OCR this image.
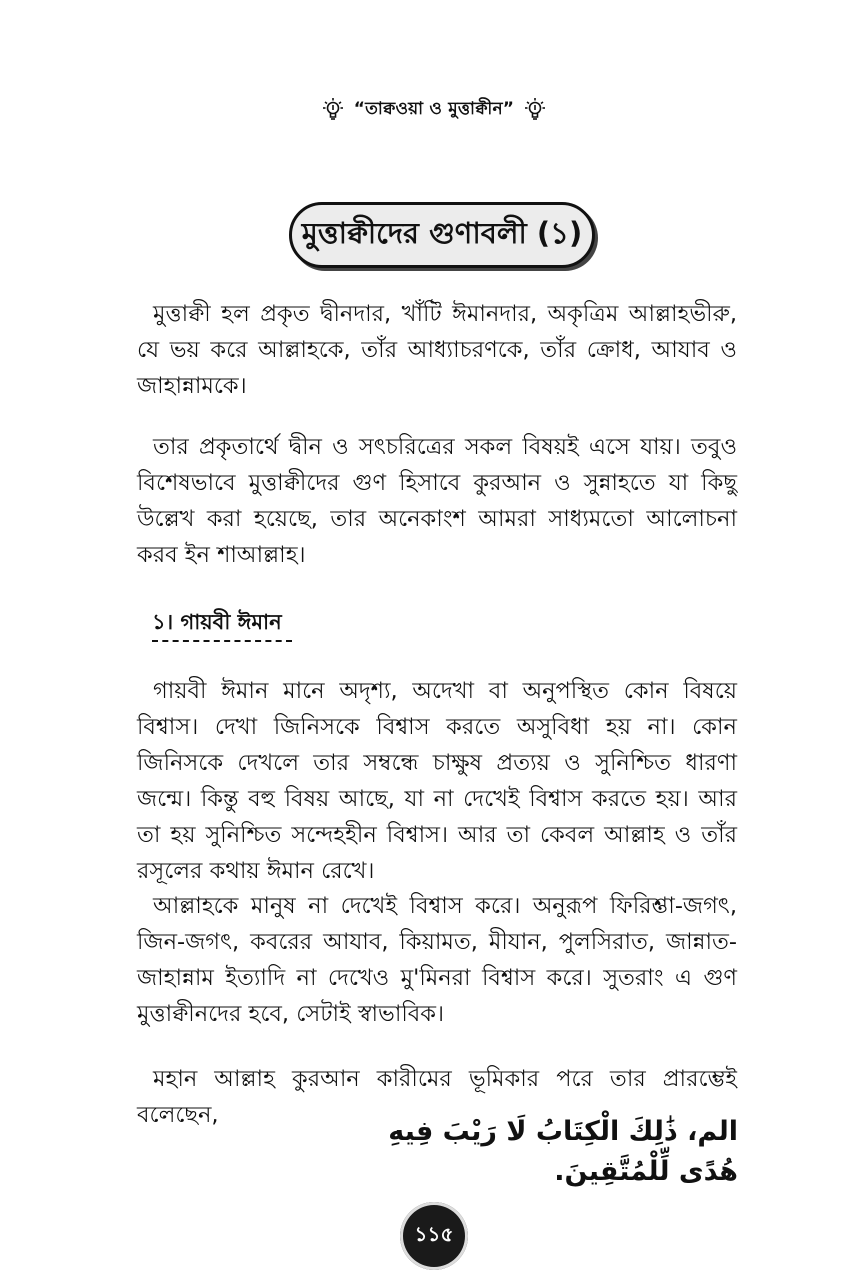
“তাক্বওয়া ও মুত্তাক্বীন”
মুত্তাক্বীদের গুণাবলী (১)

মুত্তাক্বী হল প্রকৃত দ্বীনদার, খাঁটি ঈমানদার, অকৃত্রিম আল্লাহভীরু, যে ভয় করে আল্লাহকে, তাঁর আধ্যাচরণকে, তাঁর ক্রোধ, আযাব ও জাহান্নামকে।

তার প্রকৃতার্থে দ্বীন ও সৎচরিত্রের সকল বিষয়ই এসে যায়। তবুও বিশেষভাবে মুত্তাক্বীদের গুণ হিসাবে কুরআন ও সুন্নাহতে যা কিছু উল্লেখ করা হয়েছে, তার অনেকাংশ আমরা সাধ্যমতো আলোচনা করব ইন শাআল্লাহ।

১। গায়বী ঈমান

গায়বী ঈমান মানে অদৃশ্য, অদেখা বা অনুপস্থিত কোন বিষয়ে বিশ্বাস। দেখা জিনিসকে বিশ্বাস করতে অসুবিধা হয় না। কোন জিনিসকে দেখলে তার সম্বন্ধে চাক্ষুষ প্রত্যয় ও সুনিশ্চিত ধারণা জন্মে। কিন্তু বহু বিষয় আছে, যা না দেখেই বিশ্বাস করতে হয়। আর তা হয় সুনিশ্চিত সন্দেহহীন বিশ্বাস। আর তা কেবল আল্লাহ ও তাঁর রসূলের কথায় ঈমান রেখে।

আল্লাহকে মানুষ না দেখেই বিশ্বাস করে। অনুরূপ ফিরিশ্তা-জগৎ, জিন-জগৎ, কবরের আযাব, কিয়ামত, মীযান, পুলসিরাত, জান্নাত-জাহান্নাম ইত্যাদি না দেখেও মু'মিনরা বিশ্বাস করে। সুতরাং এ গুণ মুত্তাক্বীনদের হবে, সেটাই স্বাভাবিক।

মহান আল্লাহ কুরআন কারীমের ভূমিকার পরে তার প্রারম্ভেই বলেছেন,

الم، ذَٰلِكَ الْكِتَابُ لَا رَيْبَ فِيهِ هُدًى لِّلْمُتَّقِينَ.
১১৫
